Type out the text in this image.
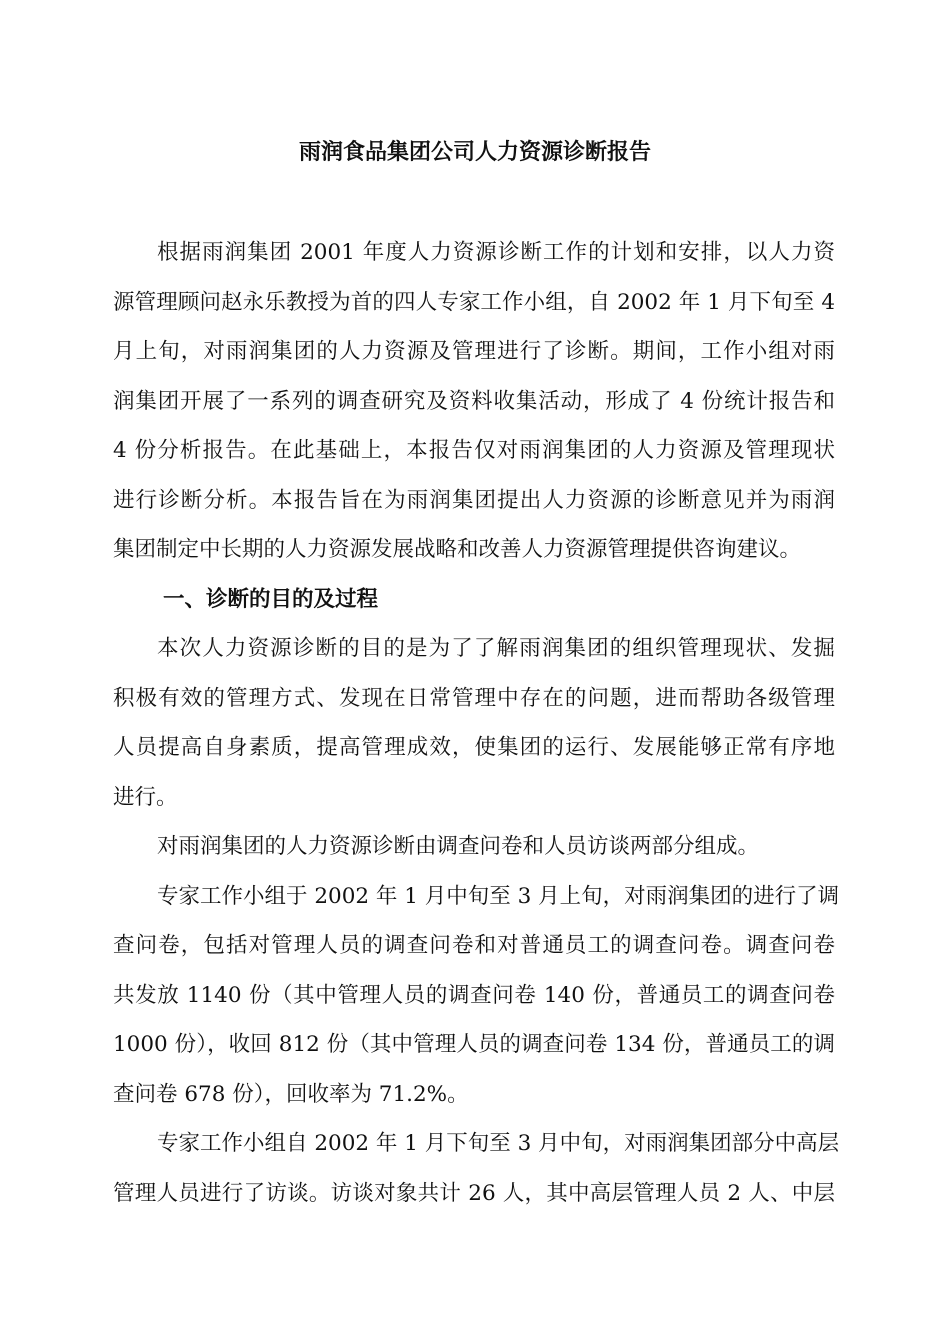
雨润食品集团公司人力资源诊断报告
根据雨润集团 2001 年度人力资源诊断工作的计划和安排，以人力资
源管理顾问赵永乐教授为首的四人专家工作小组，自 2002 年 1 月下旬至 4
月上旬，对雨润集团的人力资源及管理进行了诊断。期间，工作小组对雨
润集团开展了一系列的调查研究及资料收集活动，形成了 4 份统计报告和
4 份分析报告。在此基础上，本报告仅对雨润集团的人力资源及管理现状
进行诊断分析。本报告旨在为雨润集团提出人力资源的诊断意见并为雨润
集团制定中长期的人力资源发展战略和改善人力资源管理提供咨询建议。
一、诊断的目的及过程
本次人力资源诊断的目的是为了了解雨润集团的组织管理现状、发掘
积极有效的管理方式、发现在日常管理中存在的问题，进而帮助各级管理
人员提高自身素质，提高管理成效，使集团的运行、发展能够正常有序地
进行。
对雨润集团的人力资源诊断由调查问卷和人员访谈两部分组成。
专家工作小组于 2002 年 1 月中旬至 3 月上旬，对雨润集团的进行了调
查问卷，包括对管理人员的调查问卷和对普通员工的调查问卷。调查问卷
共发放 1140 份（其中管理人员的调查问卷 140 份，普通员工的调查问卷
1000 份），收回 812 份（其中管理人员的调查问卷 134 份，普通员工的调
查问卷 678 份），回收率为 71.2%。
专家工作小组自 2002 年 1 月下旬至 3 月中旬，对雨润集团部分中高层
管理人员进行了访谈。访谈对象共计 26 人，其中高层管理人员 2 人、中层
